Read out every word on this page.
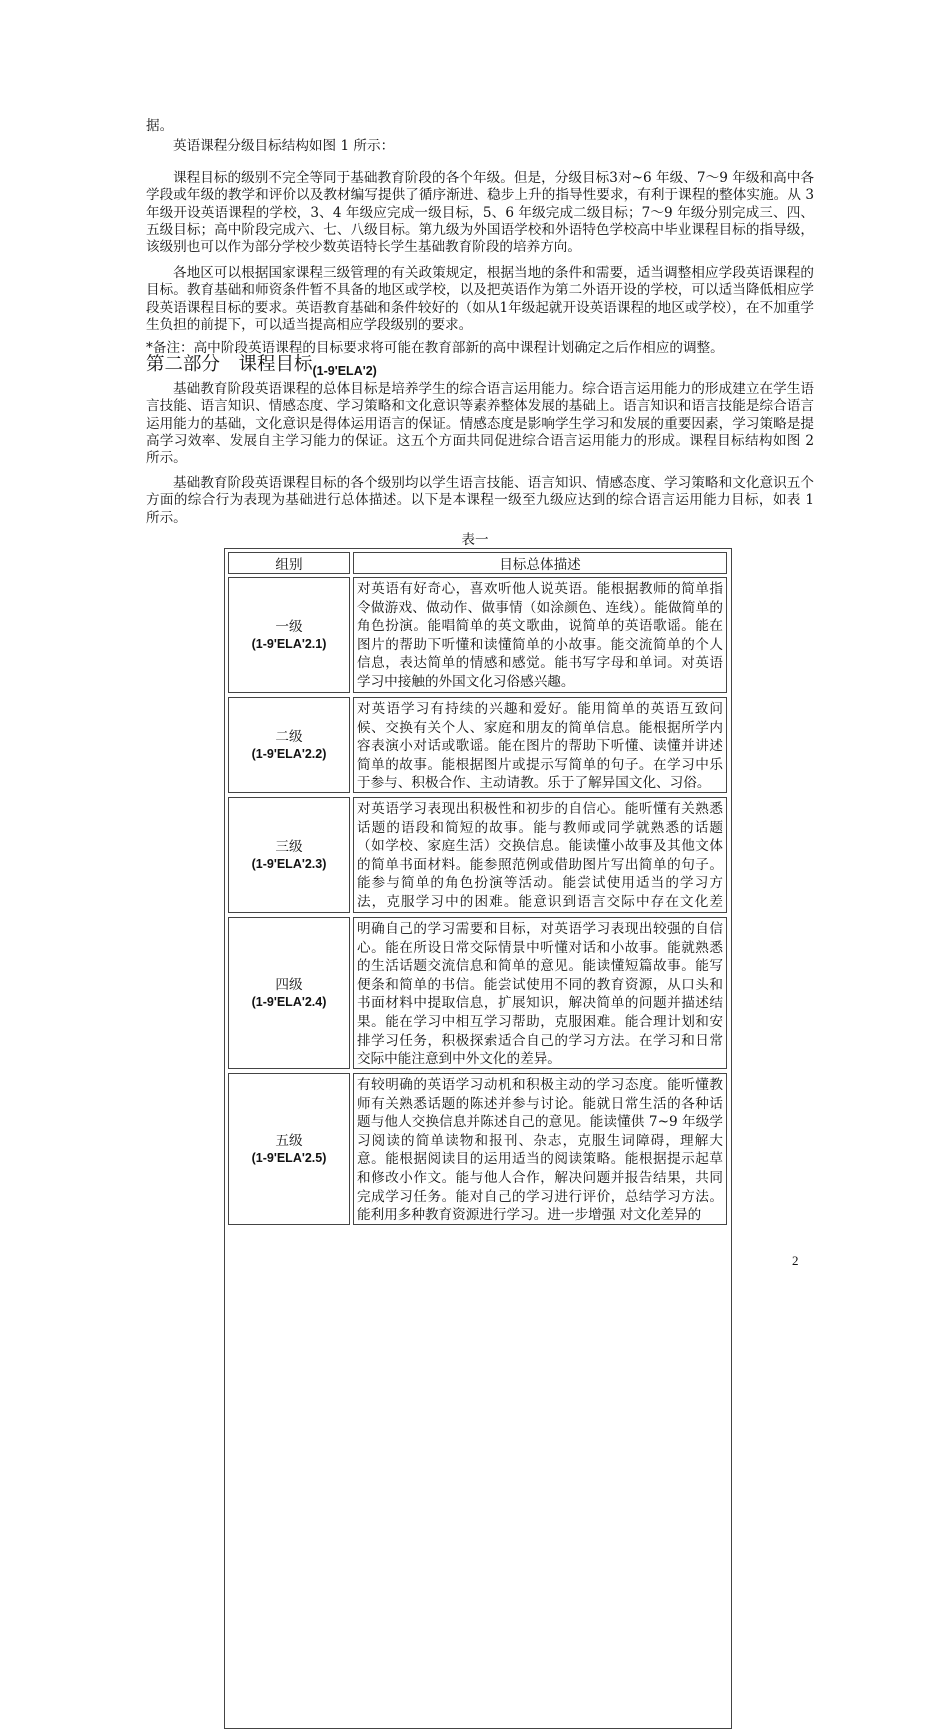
据。

英语课程分级目标结构如图 1 所示：

课程目标的级别不完全等同于基础教育阶段的各个年级。但是，分级目标3对~6 年级、7～9 年级和高中各学段或年级的教学和评价以及教材编写提供了循序渐进、稳步上升的指导性要求，有利于课程的整体实施。从 3 年级开设英语课程的学校，3、4 年级应完成一级目标，5、6 年级完成二级目标；7～9 年级分别完成三、四、五级目标；高中阶段完成六、七、八级目标。第九级为外国语学校和外语特色学校高中毕业课程目标的指导级，该级别也可以作为部分学校少数英语特长学生基础教育阶段的培养方向。

各地区可以根据国家课程三级管理的有关政策规定，根据当地的条件和需要，适当调整相应学段英语课程的目标。教育基础和师资条件暂不具备的地区或学校，以及把英语作为第二外语开设的学校，可以适当降低相应学段英语课程目标的要求。英语教育基础和条件较好的（如从1年级起就开设英语课程的地区或学校），在不加重学生负担的前提下，可以适当提高相应学段级别的要求。

*备注：高中阶段英语课程的目标要求将可能在教育部新的高中课程计划确定之后作相应的调整。

第二部分　课程目标$_{(1-9'ELA'2)}$

基础教育阶段英语课程的总体目标是培养学生的综合语言运用能力。综合语言运用能力的形成建立在学生语言技能、语言知识、情感态度、学习策略和文化意识等素养整体发展的基础上。语言知识和语言技能是综合语言运用能力的基础，文化意识是得体运用语言的保证。情感态度是影响学生学习和发展的重要因素，学习策略是提高学习效率、发展自主学习能力的保证。这五个方面共同促进综合语言运用能力的形成。课程目标结构如图 2 所示。

基础教育阶段英语课程目标的各个级别均以学生语言技能、语言知识、情感态度、学习策略和文化意识五个方面的综合行为表现为基础进行总体描述。以下是本课程一级至九级应达到的综合语言运用能力目标，如表 1 所示。

表一
组别	目标总体描述
一级
(1-9'ELA'2.1)
对英语有好奇心，喜欢听他人说英语。能根据教师的简单指令做游戏、做动作、做事情（如涂颜色、连线）。能做简单的角色扮演。能唱简单的英文歌曲，说简单的英语歌谣。能在图片的帮助下听懂和读懂简单的小故事。能交流简单的个人信息，表达简单的情感和感觉。能书写字母和单词。对英语学习中接触的外国文化习俗感兴趣。
二级
(1-9'ELA'2.2)
对英语学习有持续的兴趣和爱好。能用简单的英语互致问候、交换有关个人、家庭和朋友的简单信息。能根据所学内容表演小对话或歌谣。能在图片的帮助下听懂、读懂并讲述简单的故事。能根据图片或提示写简单的句子。在学习中乐于参与、积极合作、主动请教。乐于了解异国文化、习俗。
三级
(1-9'ELA'2.3)
对英语学习表现出积极性和初步的自信心。能听懂有关熟悉话题的语段和简短的故事。能与教师或同学就熟悉的话题（如学校、家庭生活）交换信息。能读懂小故事及其他文体的简单书面材料。能参照范例或借助图片写出简单的句子。能参与简单的角色扮演等活动。能尝试使用适当的学习方法，克服学习中的困难。能意识到语言交际中存在文化差
四级
(1-9'ELA'2.4)
明确自己的学习需要和目标，对英语学习表现出较强的自信心。能在所设日常交际情景中听懂对话和小故事。能就熟悉的生活话题交流信息和简单的意见。能读懂短篇故事。能写便条和简单的书信。能尝试使用不同的教育资源，从口头和书面材料中提取信息，扩展知识，解决简单的问题并描述结果。能在学习中相互学习帮助，克服困难。能合理计划和安排学习任务，积极探索适合自己的学习方法。在学习和日常交际中能注意到中外文化的差异。
五级
(1-9'ELA'2.5)
有较明确的英语学习动机和积极主动的学习态度。能听懂教师有关熟悉话题的陈述并参与讨论。能就日常生活的各种话题与他人交换信息并陈述自己的意见。能读懂供 7~9 年级学习阅读的简单读物和报刊、杂志，克服生词障碍，理解大意。能根据阅读目的运用适当的阅读策略。能根据提示起草和修改小作文。能与他人合作，解决问题并报告结果，共同完成学习任务。能对自己的学习进行评价，总结学习方法。能利用多种教育资源进行学习。进一步增强 对文化差异的
2
